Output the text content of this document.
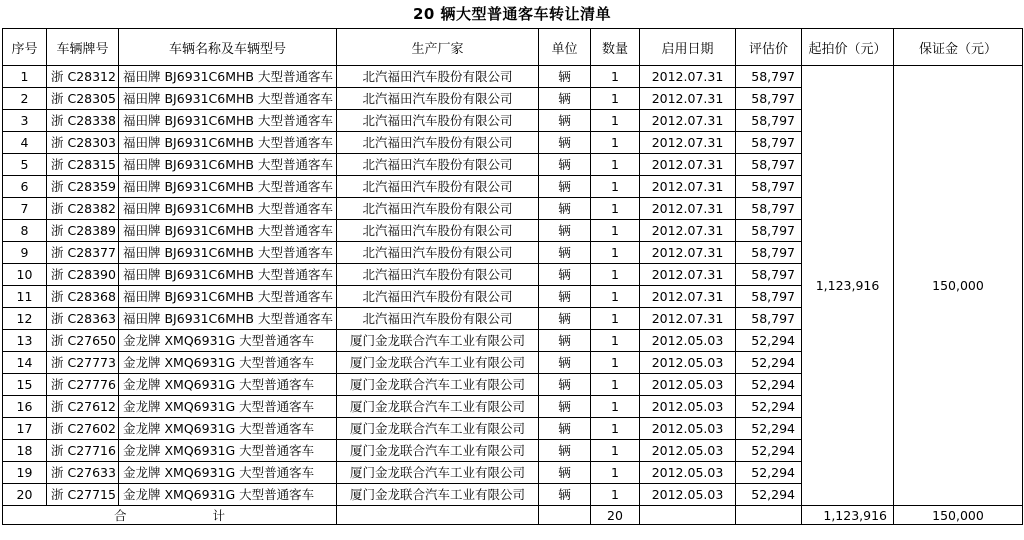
20 辆大型普通客车转让清单
序号	车辆牌号	车辆名称及车辆型号	生产厂家	单位	数量	启用日期	评估价	起拍价（元）	保证金（元）
1	浙 C28312	福田牌 BJ6931C6MHB 大型普通客车	北汽福田汽车股份有限公司	辆	1	2012.07.31	58,797	1,123,916	150,000
2	浙 C28305	福田牌 BJ6931C6MHB 大型普通客车	北汽福田汽车股份有限公司	辆	1	2012.07.31	58,797		
3	浙 C28338	福田牌 BJ6931C6MHB 大型普通客车	北汽福田汽车股份有限公司	辆	1	2012.07.31	58,797		
4	浙 C28303	福田牌 BJ6931C6MHB 大型普通客车	北汽福田汽车股份有限公司	辆	1	2012.07.31	58,797		
5	浙 C28315	福田牌 BJ6931C6MHB 大型普通客车	北汽福田汽车股份有限公司	辆	1	2012.07.31	58,797		
6	浙 C28359	福田牌 BJ6931C6MHB 大型普通客车	北汽福田汽车股份有限公司	辆	1	2012.07.31	58,797		
7	浙 C28382	福田牌 BJ6931C6MHB 大型普通客车	北汽福田汽车股份有限公司	辆	1	2012.07.31	58,797		
8	浙 C28389	福田牌 BJ6931C6MHB 大型普通客车	北汽福田汽车股份有限公司	辆	1	2012.07.31	58,797		
9	浙 C28377	福田牌 BJ6931C6MHB 大型普通客车	北汽福田汽车股份有限公司	辆	1	2012.07.31	58,797		
10	浙 C28390	福田牌 BJ6931C6MHB 大型普通客车	北汽福田汽车股份有限公司	辆	1	2012.07.31	58,797		
11	浙 C28368	福田牌 BJ6931C6MHB 大型普通客车	北汽福田汽车股份有限公司	辆	1	2012.07.31	58,797		
12	浙 C28363	福田牌 BJ6931C6MHB 大型普通客车	北汽福田汽车股份有限公司	辆	1	2012.07.31	58,797		
13	浙 C27650	金龙牌 XMQ6931G 大型普通客车	厦门金龙联合汽车工业有限公司	辆	1	2012.05.03	52,294		
14	浙 C27773	金龙牌 XMQ6931G 大型普通客车	厦门金龙联合汽车工业有限公司	辆	1	2012.05.03	52,294		
15	浙 C27776	金龙牌 XMQ6931G 大型普通客车	厦门金龙联合汽车工业有限公司	辆	1	2012.05.03	52,294		
16	浙 C27612	金龙牌 XMQ6931G 大型普通客车	厦门金龙联合汽车工业有限公司	辆	1	2012.05.03	52,294		
17	浙 C27602	金龙牌 XMQ6931G 大型普通客车	厦门金龙联合汽车工业有限公司	辆	1	2012.05.03	52,294		
18	浙 C27716	金龙牌 XMQ6931G 大型普通客车	厦门金龙联合汽车工业有限公司	辆	1	2012.05.03	52,294		
19	浙 C27633	金龙牌 XMQ6931G 大型普通客车	厦门金龙联合汽车工业有限公司	辆	1	2012.05.03	52,294		
20	浙 C27715	金龙牌 XMQ6931G 大型普通客车	厦门金龙联合汽车工业有限公司	辆	1	2012.05.03	52,294		
合 计					20			1,123,916	150,000
